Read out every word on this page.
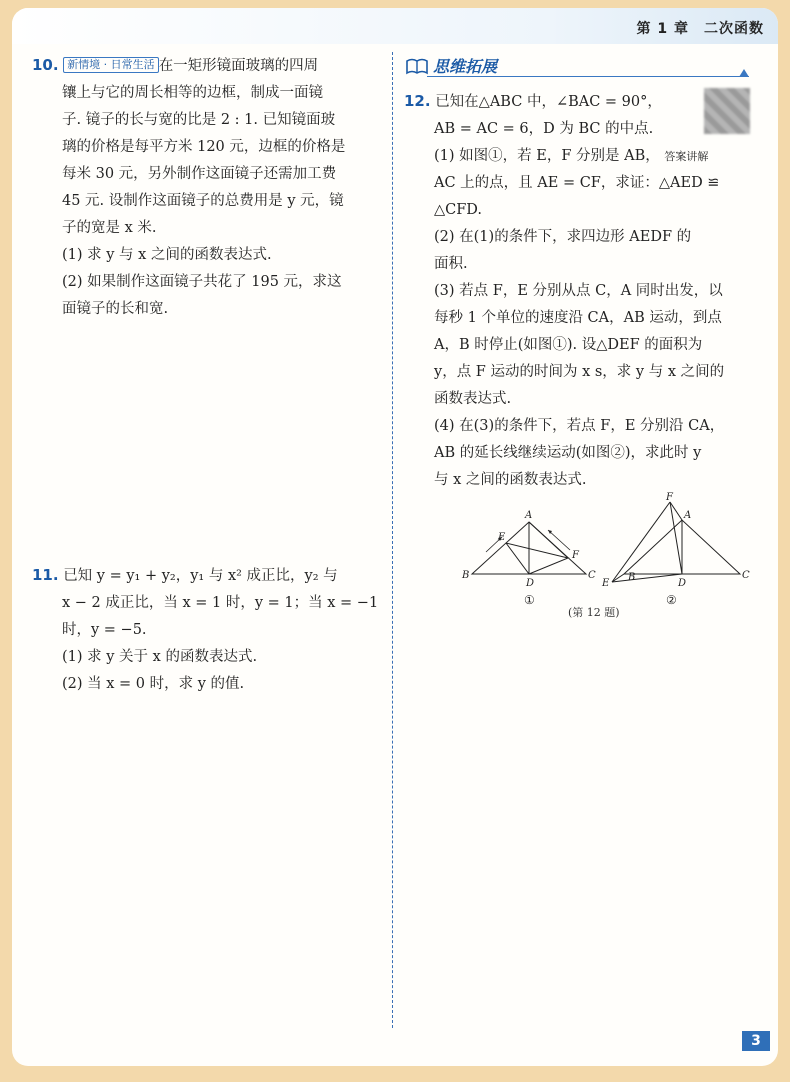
第 1 章　二次函数
10. 新情境 · 日常生活 在一矩形镜面玻璃的四周
镶上与它的周长相等的边框，制成一面镜
子. 镜子的长与宽的比是 2 : 1. 已知镜面玻
璃的价格是每平方米 120 元，边框的价格是
每米 30 元，另外制作这面镜子还需加工费
45 元. 设制作这面镜子的总费用是 y 元，镜
子的宽是 x 米.
(1) 求 y 与 x 之间的函数表达式.
(2) 如果制作这面镜子共花了 195 元，求这
面镜子的长和宽.
11. 已知 y = y₁ + y₂，y₁ 与 x² 成正比，y₂ 与
x − 2 成正比，当 x = 1 时，y = 1；当 x = −1
时，y = −5.
(1) 求 y 关于 x 的函数表达式.
(2) 当 x = 0 时，求 y 的值.
思维拓展
12. 已知在△ABC 中，∠BAC = 90°，
AB = AC = 6，D 为 BC 的中点.
(1) 如图①，若 E，F 分别是 AB， 答案讲解
AC 上的点，且 AE = CF，求证：△AED ≌
△CFD.
(2) 在(1)的条件下，求四边形 AEDF 的
面积.
(3) 若点 F，E 分别从点 C，A 同时出发，以
每秒 1 个单位的速度沿 CA，AB 运动，到点
A，B 时停止(如图①). 设△DEF 的面积为
y，点 F 运动的时间为 x s，求 y 与 x 之间的
函数表达式.
(4) 在(3)的条件下，若点 F，E 分别沿 CA，
AB 的延长线继续运动(如图②)，求此时 y
与 x 之间的函数表达式.
A
B	C
D
E
F
①
F
A
B	C
D
E
②
(第 12 题)
3
